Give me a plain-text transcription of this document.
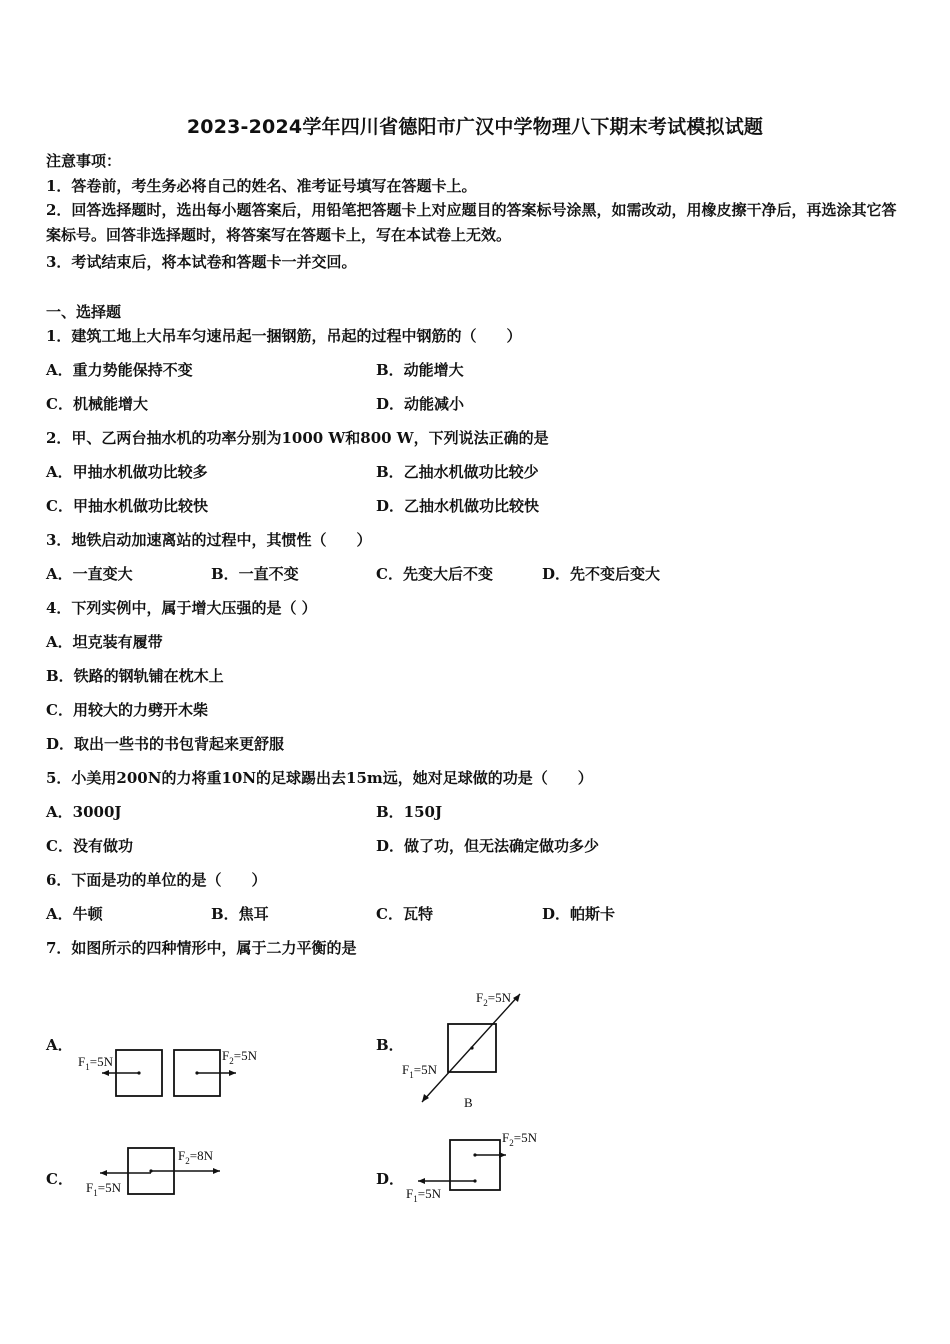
2023-2024学年四川省德阳市广汉中学物理八下期末考试模拟试题
注意事项：
1．答卷前，考生务必将自己的姓名、准考证号填写在答题卡上。
2．回答选择题时，选出每小题答案后，用铅笔把答题卡上对应题目的答案标号涂黑，如需改动，用橡皮擦干净后，再选涂其它答案标号。回答非选择题时，将答案写在答题卡上，写在本试卷上无效。
3．考试结束后，将本试卷和答题卡一并交回。
一、选择题
1．建筑工地上大吊车匀速吊起一捆钢筋，吊起的过程中钢筋的（　　）
A．重力势能保持不变	B．动能增大
C．机械能增大	D．动能减小
2．甲、乙两台抽水机的功率分别为1000 W和800 W，下列说法正确的是
A．甲抽水机做功比较多	B．乙抽水机做功比较少
C．甲抽水机做功比较快	D．乙抽水机做功比较快
3．地铁启动加速离站的过程中，其惯性（　　）
A．一直变大	B．一直不变	C．先变大后不变	D．先不变后变大
4．下列实例中，属于增大压强的是（ ）
A．坦克装有履带
B．铁路的钢轨铺在枕木上
C．用较大的力劈开木柴
D．取出一些书的书包背起来更舒服
5．小美用200N的力将重10N的足球踢出去15m远，她对足球做的功是（　　）
A．3000J	B．150J
C．没有做功	D．做了功，但无法确定做功多少
6．下面是功的单位的是（　　）
A．牛顿	B．焦耳	C．瓦特	D．帕斯卡
7．如图所示的四种情形中，属于二力平衡的是
A．
$F_1=5N$	$F_2=5N$
B．
$F_2=5N$
$F_1=5N$
B
C．
$F_2=8N$
$F_1=5N$	D．
$F_2=5N$
$F_1=5N$
